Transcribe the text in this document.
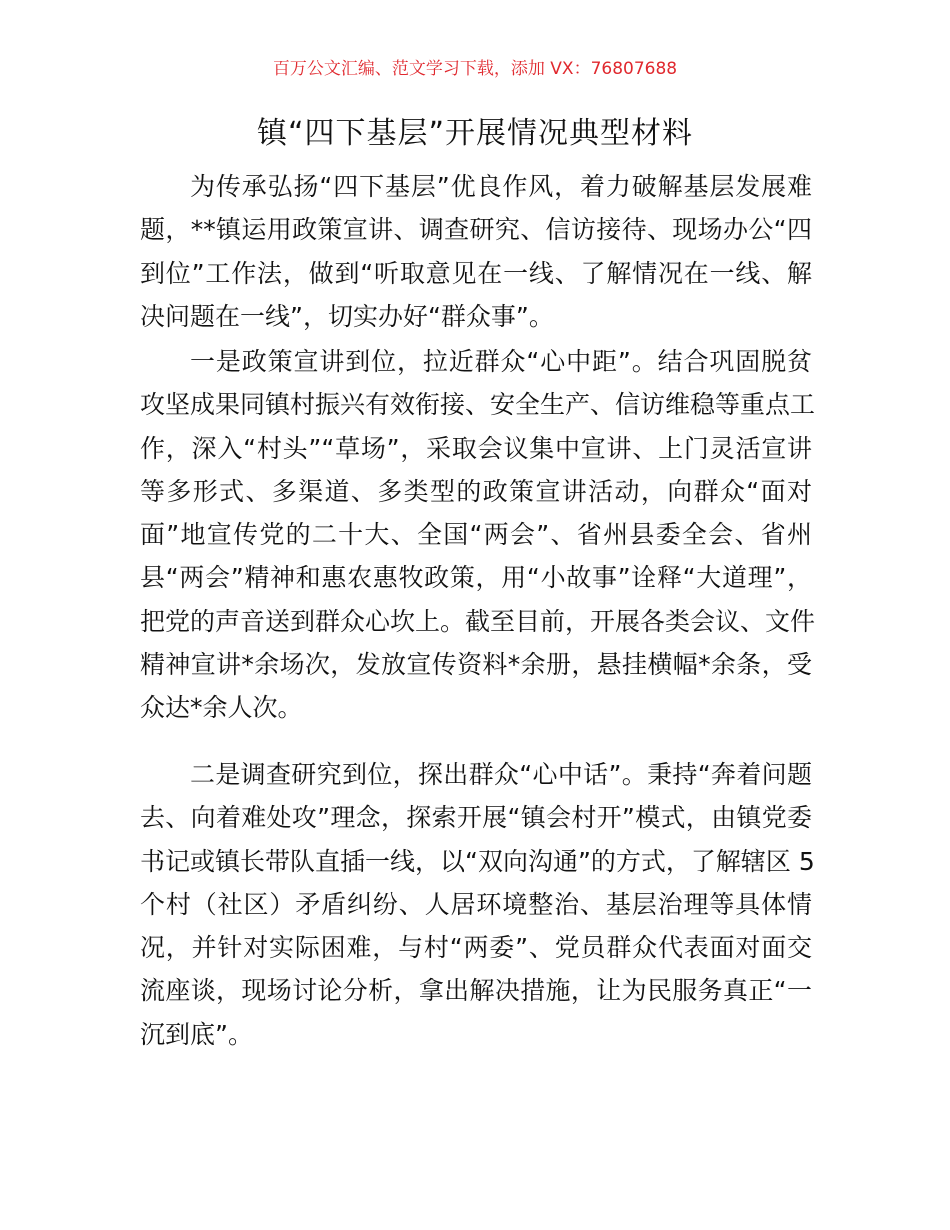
百万公文汇编、范文学习下载，添加 VX：76807688
镇“四下基层”开展情况典型材料
为传承弘扬“四下基层”优良作风，着力破解基层发展难
题，**镇运用政策宣讲、调查研究、信访接待、现场办公“四
到位”工作法，做到“听取意见在一线、了解情况在一线、解
决问题在一线”，切实办好“群众事”。
一是政策宣讲到位，拉近群众“心中距”。结合巩固脱贫
攻坚成果同镇村振兴有效衔接、安全生产、信访维稳等重点工
作，深入“村头”“草场”，采取会议集中宣讲、上门灵活宣讲
等多形式、多渠道、多类型的政策宣讲活动，向群众“面对
面”地宣传党的二十大、全国“两会”、省州县委全会、省州
县“两会”精神和惠农惠牧政策，用“小故事”诠释“大道理”，
把党的声音送到群众心坎上。截至目前，开展各类会议、文件
精神宣讲*余场次，发放宣传资料*余册，悬挂横幅*余条，受
众达*余人次。
二是调查研究到位，探出群众“心中话”。秉持“奔着问题
去、向着难处攻”理念，探索开展“镇会村开”模式，由镇党委
书记或镇长带队直插一线，以“双向沟通”的方式，了解辖区 5
个村（社区）矛盾纠纷、人居环境整治、基层治理等具体情
况，并针对实际困难，与村“两委”、党员群众代表面对面交
流座谈，现场讨论分析，拿出解决措施，让为民服务真正“一
沉到底”。
